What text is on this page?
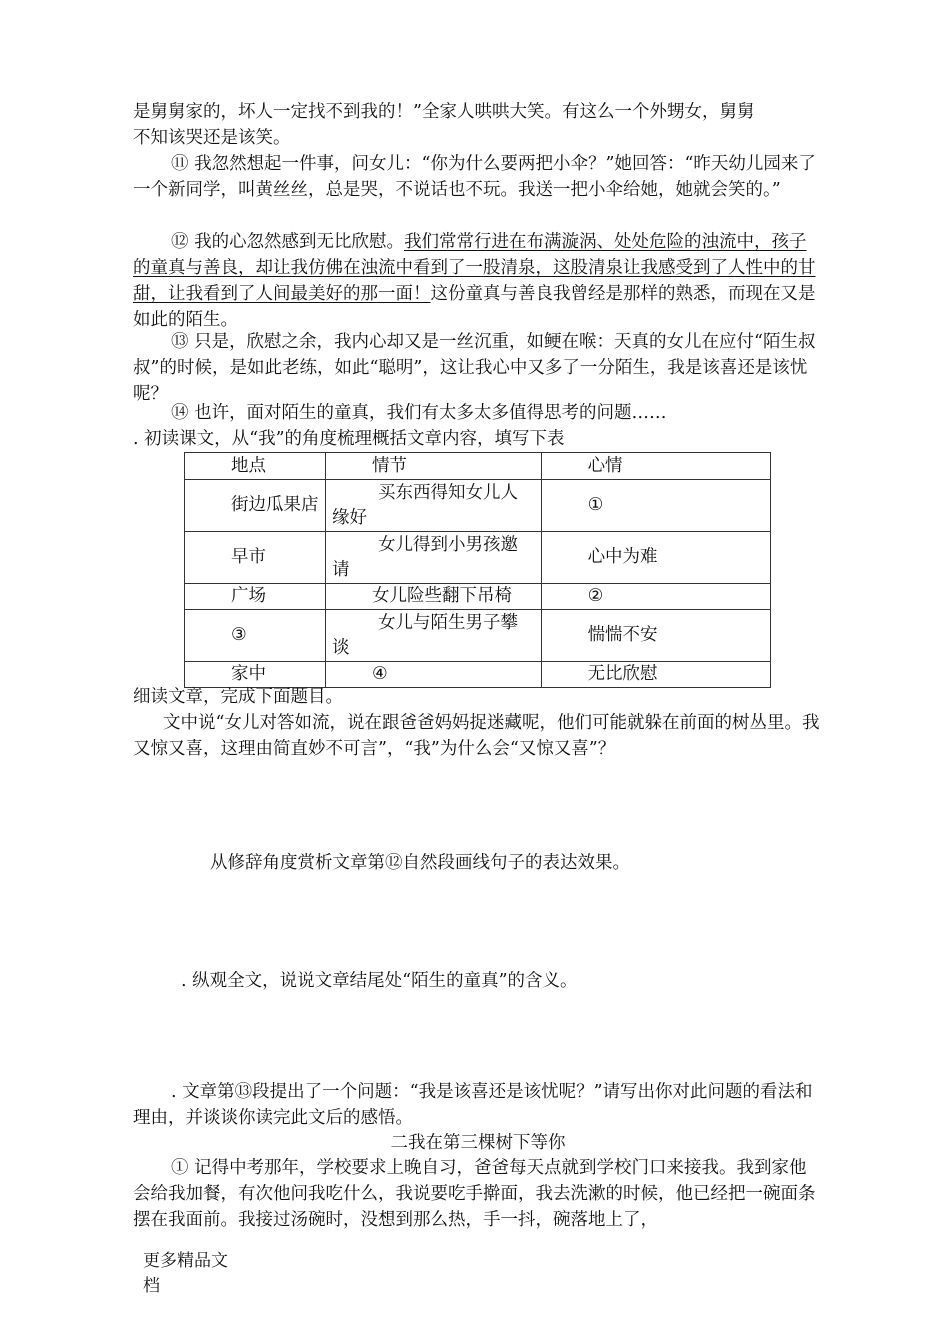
是舅舅家的，坏人一定找不到我的！”全家人哄哄大笑。有这么一个外甥女，舅舅
不知该哭还是该笑。

⑪ 我忽然想起一件事，问女儿：“你为什么要两把小伞？”她回答：“昨天幼儿园来了一个新同学，叫黄丝丝，总是哭，不说话也不玩。我送一把小伞给她，她就会笑的。”

⑫ 我的心忽然感到无比欣慰。我们常常行进在布满漩涡、处处危险的浊流中，孩子的童真与善良，却让我仿佛在浊流中看到了一股清泉，这股清泉让我感受到了人性中的甘甜，让我看到了人间最美好的那一面！这份童真与善良我曾经是那样的熟悉，而现在又是如此的陌生。

⑬ 只是，欣慰之余，我内心却又是一丝沉重，如鲠在喉：天真的女儿在应付“陌生叔叔”的时候，是如此老练，如此“聪明”，这让我心中又多了一分陌生，我是该喜还是该忧呢？

⑭ 也许，面对陌生的童真，我们有太多太多值得思考的问题……

. 初读课文，从“我”的角度梳理概括文章内容，填写下表

地点	情节	心情
街边瓜果店	买东西得知女儿人缘好	①
早市	女儿得到小男孩邀请	心中为难
广场	女儿险些翻下吊椅	②
③	女儿与陌生男子攀谈	惴惴不安
家中	④	无比欣慰

细读文章，完成下面题目。

文中说“女儿对答如流，说在跟爸爸妈妈捉迷藏呢，他们可能就躲在前面的树丛里。我又惊又喜，这理由简直妙不可言”，“我”为什么会“又惊又喜”？

从修辞角度赏析文章第⑫自然段画线句子的表达效果。

. 纵观全文，说说文章结尾处“陌生的童真”的含义。

. 文章第⑬段提出了一个问题：“我是该喜还是该忧呢？”请写出你对此问题的看法和理由，并谈谈你读完此文后的感悟。

二我在第三棵树下等你

① 记得中考那年，学校要求上晚自习，爸爸每天点就到学校门口来接我。我到家他会给我加餐，有次他问我吃什么，我说要吃手擀面，我去洗漱的时候，他已经把一碗面条摆在我面前。我接过汤碗时，没想到那么热，手一抖，碗落地上了，

更多精品文
档
